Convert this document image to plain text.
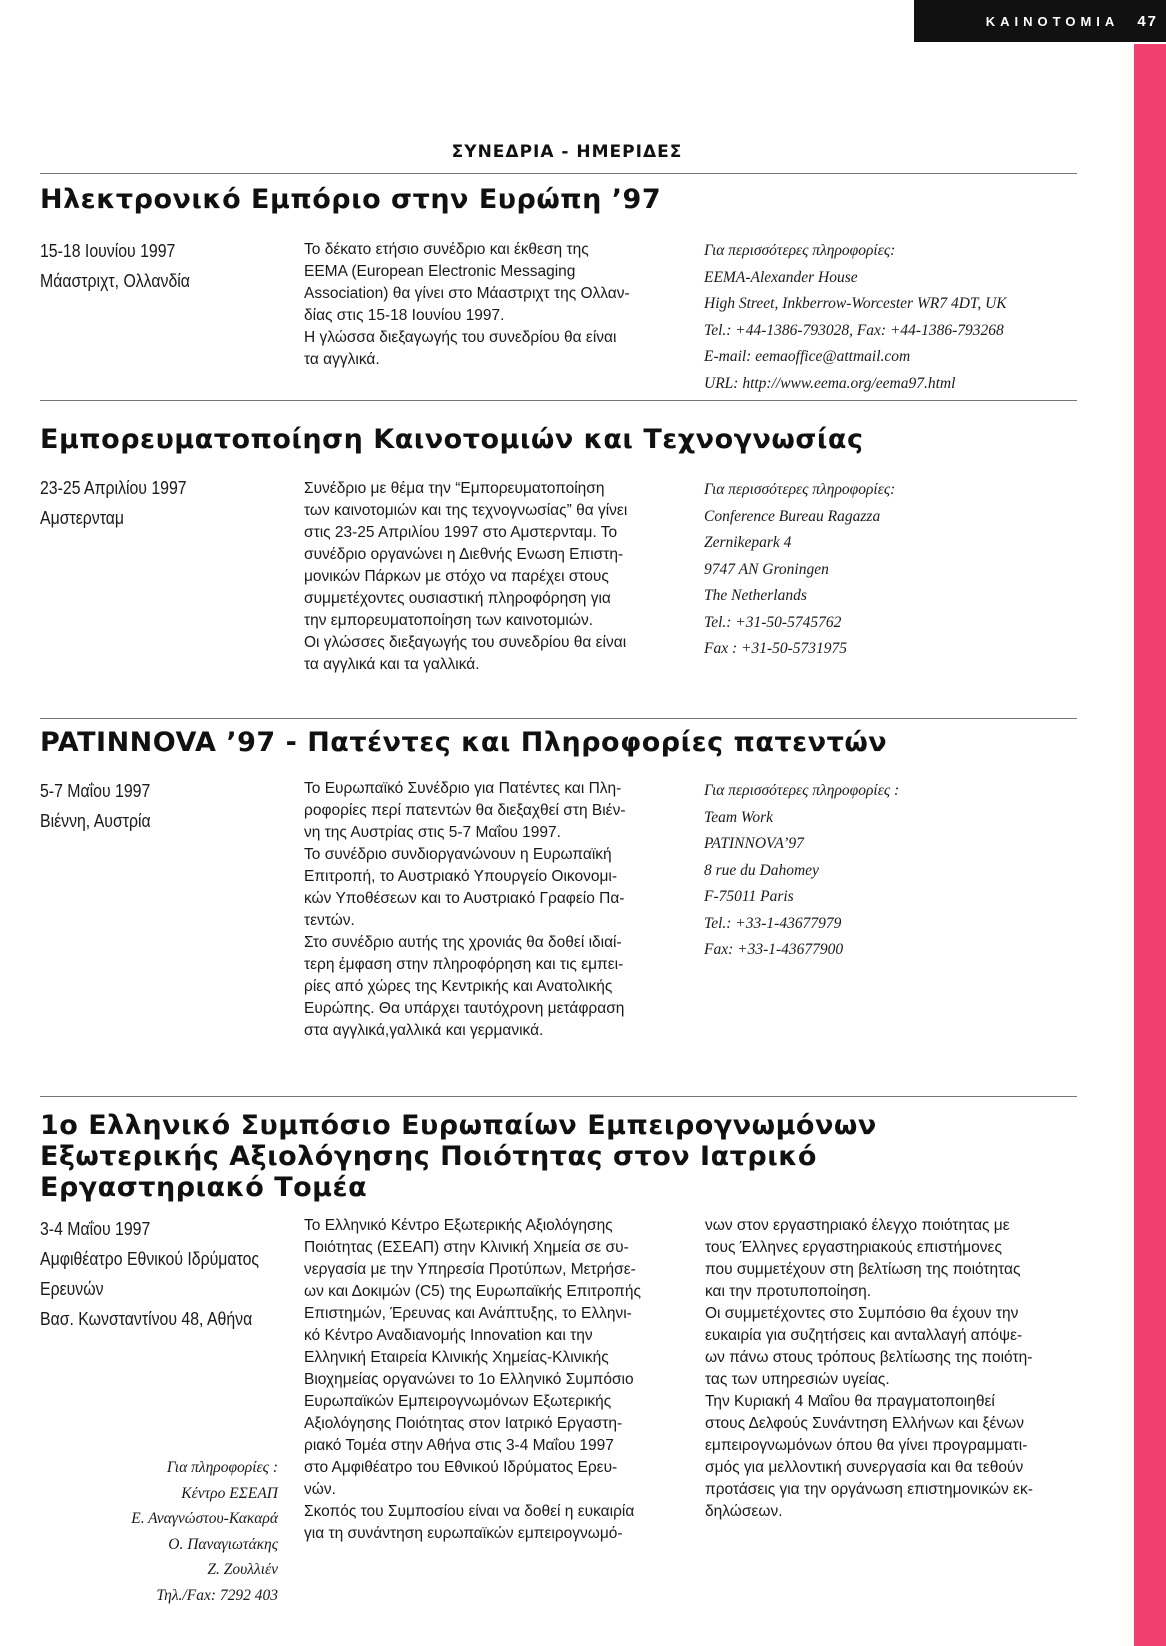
ΚΑΙΝΟΤΟΜΙΑ 47
ΣΥΝΕΔΡΙΑ - ΗΜΕΡΙΔΕΣ
Ηλεκτρονικό Εμπόριο στην Ευρώπη ’97
15-18 Ιουνίου 1997
Μάαστριχτ, Ολλανδία

Το δέκατο ετήσιο συνέδριο και έκθεση της

EEMA (European Electronic Messaging

Association) θα γίνει στο Μάαστριχτ της Ολλαν-

δίας στις 15-18 Ιουνίου 1997.

Η γλώσσα διεξαγωγής του συνεδρίου θα είναι

τα αγγλικά.

Για περισσότερες πληροφορίες:
EEMA-Alexander House
High Street, Inkberrow-Worcester WR7 4DT, UK
Tel.: +44-1386-793028, Fax: +44-1386-793268
E-mail: eemaoffice@attmail.com
URL: http://www.eema.org/eema97.html
Εμπορευματοποίηση Καινοτομιών και Τεχνογνωσίας
23-25 Απριλίου 1997
Αμστερνταμ

Συνέδριο με θέμα την “Εμπορευματοποίηση

των καινοτομιών και της τεχνογνωσίας” θα γίνει

στις 23-25 Απριλίου 1997 στο Αμστερνταμ. Το

συνέδριο οργανώνει η Διεθνής Ενωση Επιστη-

μονικών Πάρκων με στόχο να παρέχει στους

συμμετέχοντες ουσιαστική πληροφόρηση για

την εμπορευματοποίηση των καινοτομιών.

Οι γλώσσες διεξαγωγής του συνεδρίου θα είναι

τα αγγλικά και τα γαλλικά.

Για περισσότερες πληροφορίες:
Conference Bureau Ragazza
Zernikepark 4
9747 AN Groningen
The Netherlands
Tel.: +31-50-5745762
Fax : +31-50-5731975
PATINNOVA ’97 - Πατέντες και Πληροφορίες πατεντών
5-7 Μαΐου 1997
Βιέννη, Αυστρία

Το Ευρωπαϊκό Συνέδριο για Πατέντες και Πλη-

ροφορίες περί πατεντών θα διεξαχθεί στη Βιέν-

νη της Αυστρίας στις 5-7 Μαΐου 1997.

Το συνέδριο συνδιοργανώνουν η Ευρωπαϊκή

Επιτροπή, το Αυστριακό Υπουργείο Οικονομι-

κών Υποθέσεων και το Αυστριακό Γραφείο Πα-

τεντών.

Στο συνέδριο αυτής της χρονιάς θα δοθεί ιδιαί-

τερη έμφαση στην πληροφόρηση και τις εμπει-

ρίες από χώρες της Κεντρικής και Ανατολικής

Ευρώπης. Θα υπάρχει ταυτόχρονη μετάφραση

στα αγγλικά,γαλλικά και γερμανικά.

Για περισσότερες πληροφορίες :
Team Work
PATINNOVA’97
8 rue du Dahomey
F-75011 Paris
Tel.: +33-1-43677979
Fax: +33-1-43677900
1ο Ελληνικό Συμπόσιο Ευρωπαίων Εμπειρογνωμόνων
Εξωτερικής Αξιολόγησης Ποιότητας στον Ιατρικό
Εργαστηριακό Τομέα
3-4 Μαΐου 1997
Αμφιθέατρο Εθνικού Ιδρύματος
Ερευνών
Βασ. Κωνσταντίνου 48, Αθήνα
Για πληροφορίες :
Κέντρο ΕΣΕΑΠ
Ε. Αναγνώστου-Κακαρά
Ο. Παναγιωτάκης
Ζ. Ζουλλιέν
Τηλ./Fax: 7292 403

Το Ελληνικό Κέντρο Εξωτερικής Αξιολόγησης

Ποιότητας (ΕΣΕΑΠ) στην Κλινική Χημεία σε συ-

νεργασία με την Υπηρεσία Προτύπων, Μετρήσε-

ων και Δοκιμών (C5) της Ευρωπαϊκής Επιτροπής

Επιστημών, Έρευνας και Ανάπτυξης, το Ελληνι-

κό Κέντρο Αναδιανομής Innovation και την

Ελληνική Εταιρεία Κλινικής Χημείας-Κλινικής

Βιοχημείας οργανώνει το 1ο Ελληνικό Συμπόσιο

Ευρωπαϊκών Εμπειρογνωμόνων Εξωτερικής

Αξιολόγησης Ποιότητας στον Ιατρικό Εργαστη-

ριακό Τομέα στην Αθήνα στις 3-4 Μαΐου 1997

στο Αμφιθέατρο του Εθνικού Ιδρύματος Ερευ-

νών.

Σκοπός του Συμποσίου είναι να δοθεί η ευκαιρία

για τη συνάντηση ευρωπαϊκών εμπειρογνωμό-

νων στον εργαστηριακό έλεγχο ποιότητας με

τους Έλληνες εργαστηριακούς επιστήμονες

που συμμετέχουν στη βελτίωση της ποιότητας

και την προτυποποίηση.

Οι συμμετέχοντες στο Συμπόσιο θα έχουν την

ευκαιρία για συζητήσεις και ανταλλαγή απόψε-

ων πάνω στους τρόπους βελτίωσης της ποιότη-

τας των υπηρεσιών υγείας.

Την Κυριακή 4 Μαΐου θα πραγματοποιηθεί

στους Δελφούς Συνάντηση Ελλήνων και ξένων

εμπειρογνωμόνων όπου θα γίνει προγραμματι-

σμός για μελλοντική συνεργασία και θα τεθούν

προτάσεις για την οργάνωση επιστημονικών εκ-

δηλώσεων.
